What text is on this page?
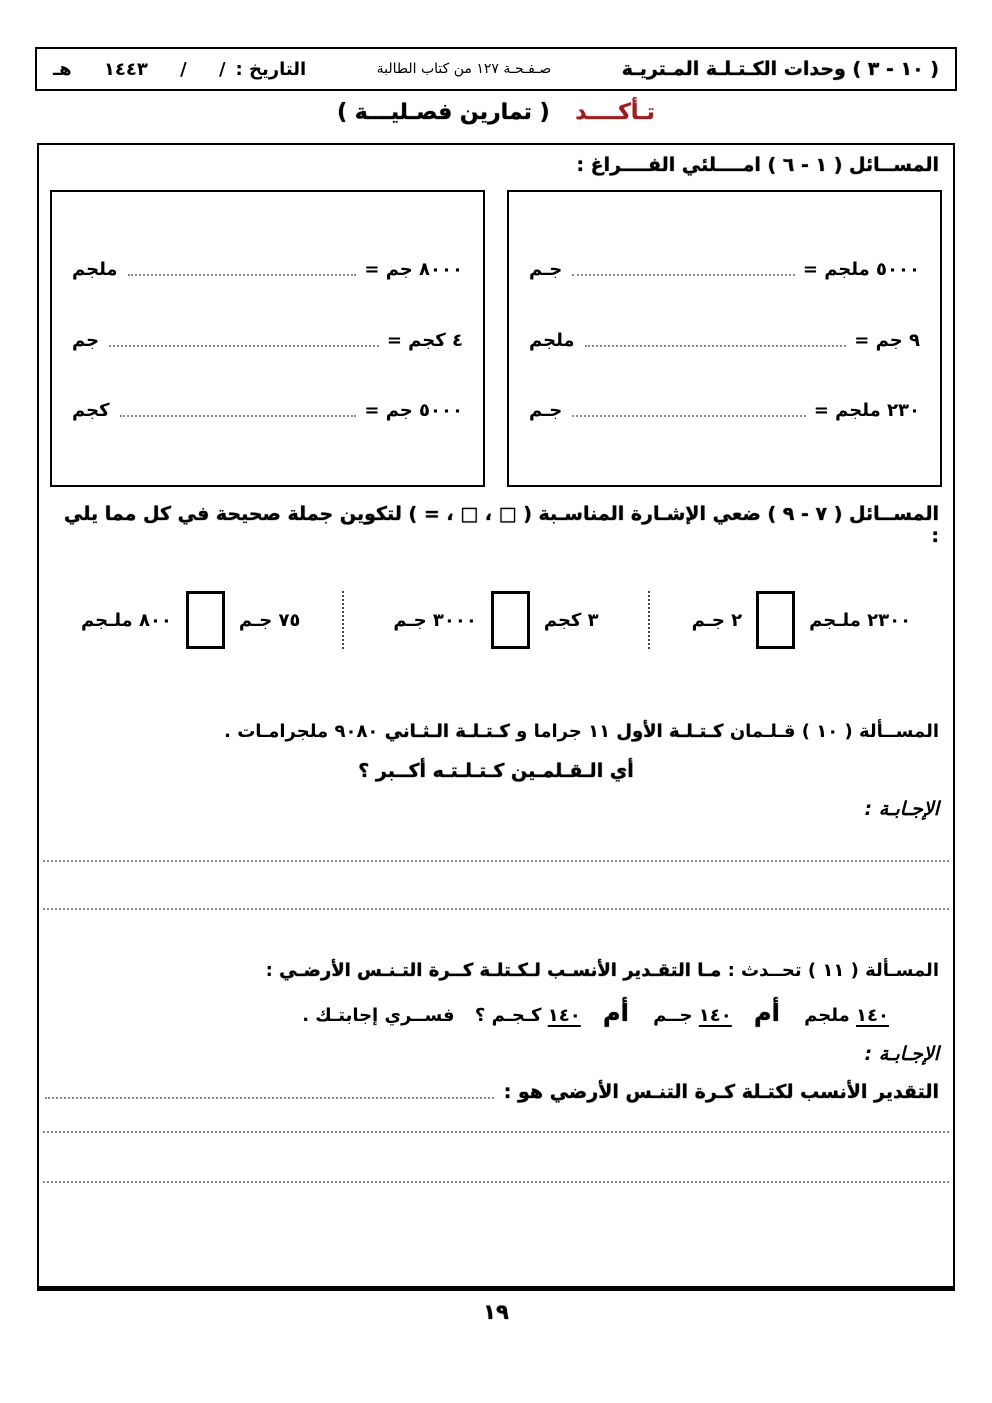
( ١٠ - ٣ ) وحدات الكـتـلـة المـتريـة
صـفـحـة ١٢٧ من كتاب الطالبة
التاريخ :
/ / ١٤٤٣ هـ
تـأكــــد ( تمارين فصـليـــة )
المســائل ( ١ - ٦ ) امــــلئي الفــــراغ :
٥٠٠٠ ملجم =
جـم
٩ جم =
ملجم
٢٣٠ ملجم =
جـم
٨٠٠٠ جم =
ملجم
٤ كجم =
جم
٥٠٠٠ جم =
كجم
المســائل ( ٧ - ٩ ) ضعي الإشـارة المناسـبة ( □ ، □ ، = ) لتكوين جملة صحيحة في كل مما يلي :
٢٣٠٠ ملـجم
٢ جـم
٣ كجم
٣٠٠٠ جـم
٧٥ جـم
٨٠٠ ملـجم
المســألة ( ١٠ ) قـلـمان كـتـلـة الأول ١١ جراما و كـتـلـة الـثـاني ٩٠٨٠ ملجرامـات .
أي الـقـلمـين كـتـلـتـه أكــبر ؟
الإجـابـة :
المسـألة ( ١١ ) تحــدث : مـا التقـدير الأنسـب لـكـتلـة كــرة التـنـس الأرضـي :
١٤٠ ملجم أم ١٤٠ جــم أم ١٤٠ كـجـم ؟ فســري إجابتـك .
الإجـابـة :
التقدير الأنسب لكتـلة كـرة التنـس الأرضي هو :
١٩
